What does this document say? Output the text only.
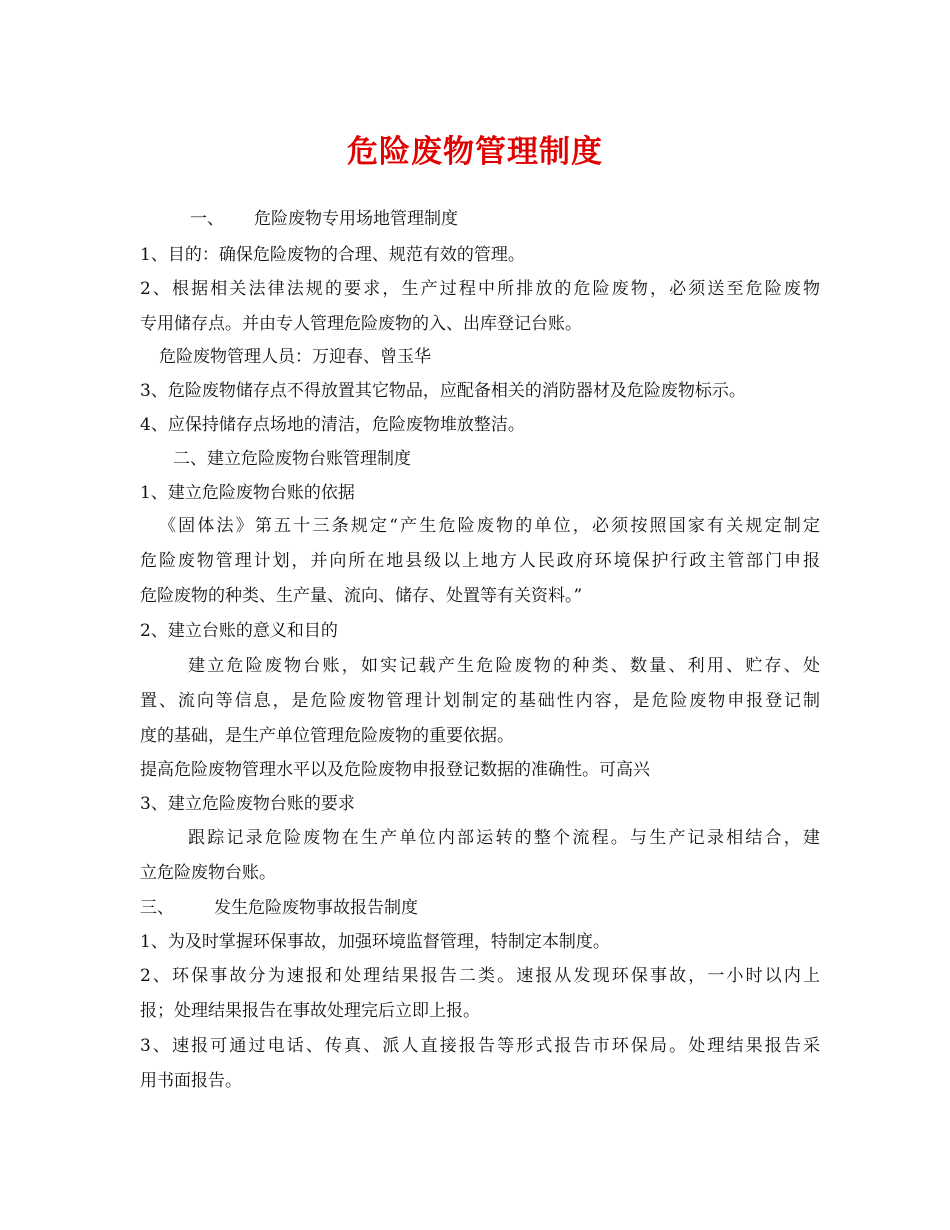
危险废物管理制度
一、 危险废物专用场地管理制度
1、目的：确保危险废物的合理、规范有效的管理。
2、根据相关法律法规的要求，生产过程中所排放的危险废物，必须送至危险废物
专用储存点。并由专人管理危险废物的入、出库登记台账。
危险废物管理人员：万迎春、曾玉华
3、危险废物储存点不得放置其它物品，应配备相关的消防器材及危险废物标示。
4、应保持储存点场地的清洁，危险废物堆放整洁。
二、建立危险废物台账管理制度
1、建立危险废物台账的依据
《固体法》第五十三条规定“产生危险废物的单位，必须按照国家有关规定制定
危险废物管理计划，并向所在地县级以上地方人民政府环境保护行政主管部门申报
危险废物的种类、生产量、流向、储存、处置等有关资料。”
2、建立台账的意义和目的
建立危险废物台账，如实记载产生危险废物的种类、数量、利用、贮存、处
置、流向等信息，是危险废物管理计划制定的基础性内容，是危险废物申报登记制
度的基础，是生产单位管理危险废物的重要依据。
提高危险废物管理水平以及危险废物申报登记数据的准确性。可高兴
3、建立危险废物台账的要求
跟踪记录危险废物在生产单位内部运转的整个流程。与生产记录相结合，建
立危险废物台账。
三、 发生危险废物事故报告制度
1、为及时掌握环保事故，加强环境监督管理，特制定本制度。
2、环保事故分为速报和处理结果报告二类。速报从发现环保事故，一小时以内上
报；处理结果报告在事故处理完后立即上报。
3、速报可通过电话、传真、派人直接报告等形式报告市环保局。处理结果报告采
用书面报告。
